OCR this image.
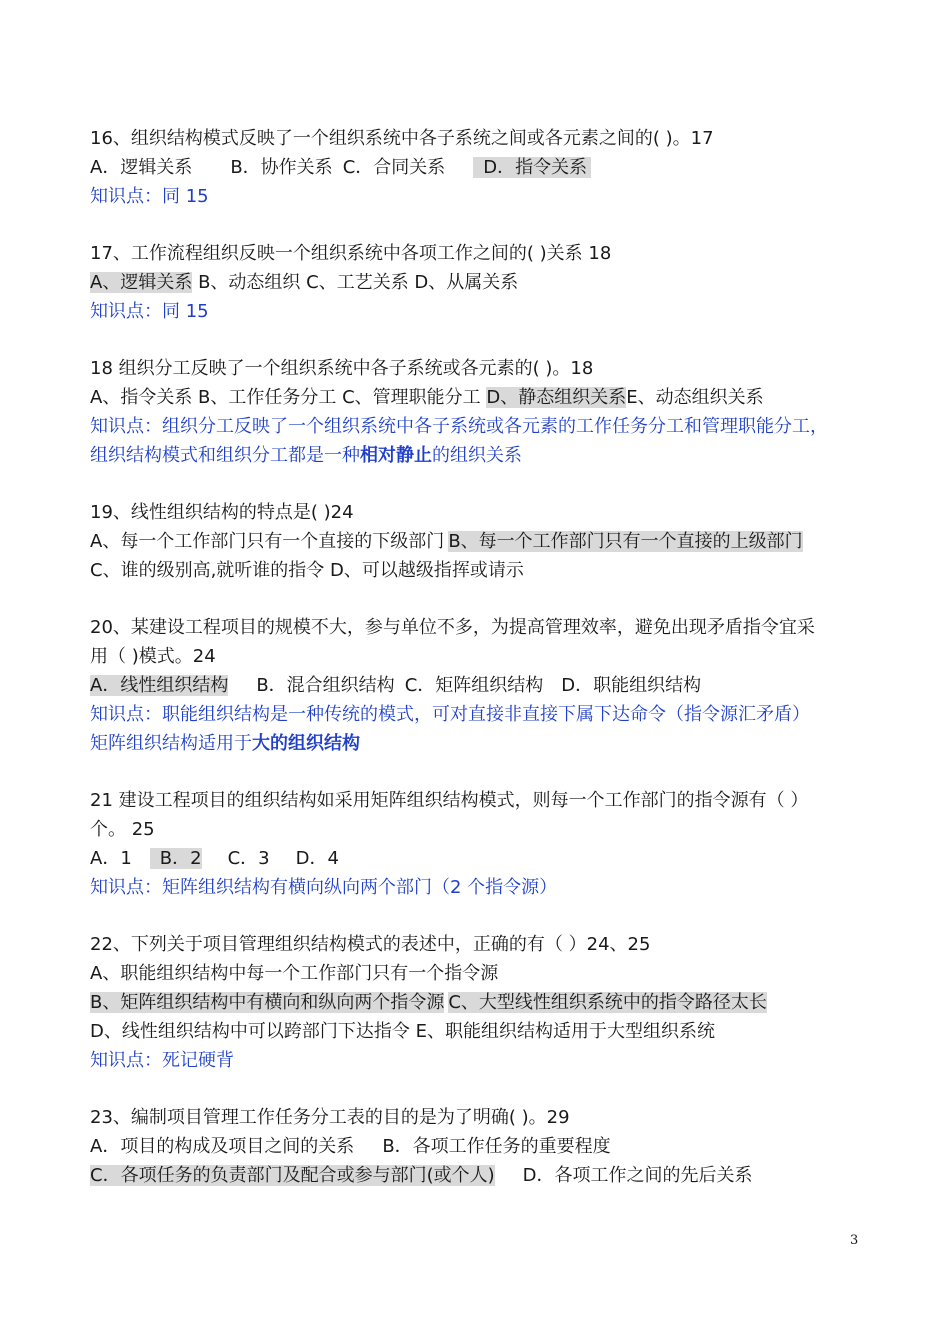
16、组织结构模式反映了一个组织系统中各子系统之间或各元素之间的( )。17
A．逻辑关系 B．协作关系 C．合同关系 D．指令关系
知识点：同 15
17、工作流程组织反映一个组织系统中各项工作之间的( )关系 18
A、逻辑关系 B、动态组织 C、工艺关系 D、从属关系
知识点：同 15
18 组织分工反映了一个组织系统中各子系统或各元素的( )。18
A、指令关系 B、工作任务分工 C、管理职能分工 D、静态组织关系E、动态组织关系
知识点：组织分工反映了一个组织系统中各子系统或各元素的工作任务分工和管理职能分工，
组织结构模式和组织分工都是一种相对静止的组织关系
19、线性组织结构的特点是( )24
A、每一个工作部门只有一个直接的下级部门 B、每一个工作部门只有一个直接的上级部门
C、谁的级别高,就听谁的指令 D、可以越级指挥或请示
20、某建设工程项目的规模不大，参与单位不多，为提高管理效率，避免出现矛盾指令宜采
用（ )模式。24
A．线性组织结构 B．混合组织结构 C．矩阵组织结构 D．职能组织结构
知识点：职能组织结构是一种传统的模式，可对直接非直接下属下达命令（指令源汇矛盾）
矩阵组织结构适用于大的组织结构
21 建设工程项目的组织结构如采用矩阵组织结构模式，则每一个工作部门的指令源有（ ）
个。 25
A．1 B．2 C．3 D．4
知识点：矩阵组织结构有横向纵向两个部门（2 个指令源）
22、下列关于项目管理组织结构模式的表述中，正确的有（ ）24、25
A、职能组织结构中每一个工作部门只有一个指令源
B、矩阵组织结构中有横向和纵向两个指令源 C、大型线性组织系统中的指令路径太长
D、线性组织结构中可以跨部门下达指令 E、职能组织结构适用于大型组织系统
知识点：死记硬背
23、编制项目管理工作任务分工表的目的是为了明确( )。29
A．项目的构成及项目之间的关系 B．各项工作任务的重要程度
C．各项任务的负责部门及配合或参与部门(或个人) D．各项工作之间的先后关系
3
